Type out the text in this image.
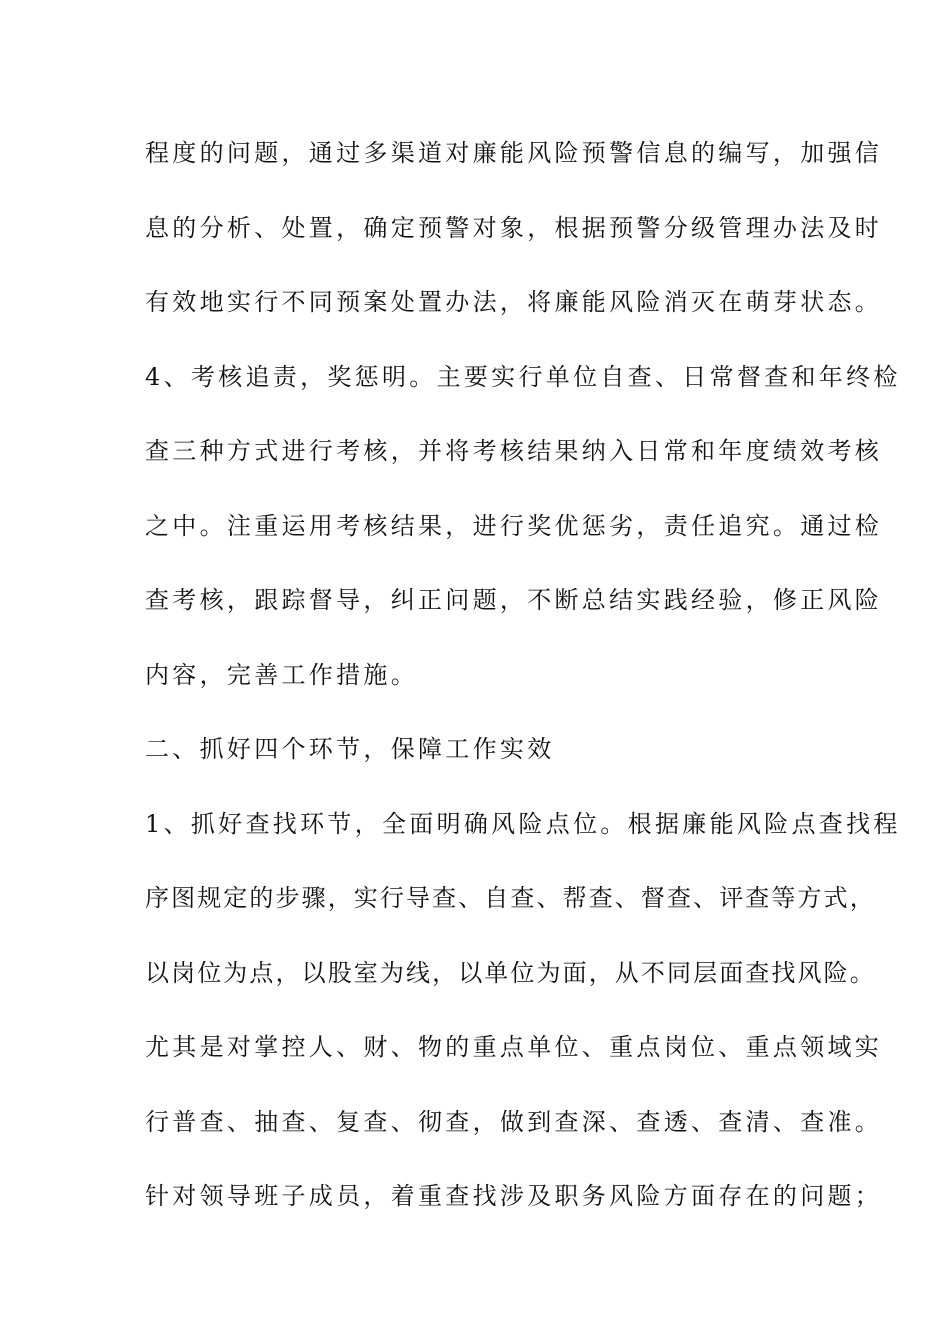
程度的问题，通过多渠道对廉能风险预警信息的编写，加强信
息的分析、处置，确定预警对象，根据预警分级管理办法及时
有效地实行不同预案处置办法，将廉能风险消灭在萌芽状态。
4、考核追责，奖惩明。主要实行单位自查、日常督查和年终检
查三种方式进行考核，并将考核结果纳入日常和年度绩效考核
之中。注重运用考核结果，进行奖优惩劣，责任追究。通过检
查考核，跟踪督导，纠正问题，不断总结实践经验，修正风险
内容，完善工作措施。
二、抓好四个环节，保障工作实效
1、抓好查找环节，全面明确风险点位。根据廉能风险点查找程
序图规定的步骤，实行导查、自查、帮查、督查、评查等方式，
以岗位为点，以股室为线，以单位为面，从不同层面查找风险。
尤其是对掌控人、财、物的重点单位、重点岗位、重点领域实
行普查、抽查、复查、彻查，做到查深、查透、查清、查准。
针对领导班子成员，着重查找涉及职务风险方面存在的问题；
